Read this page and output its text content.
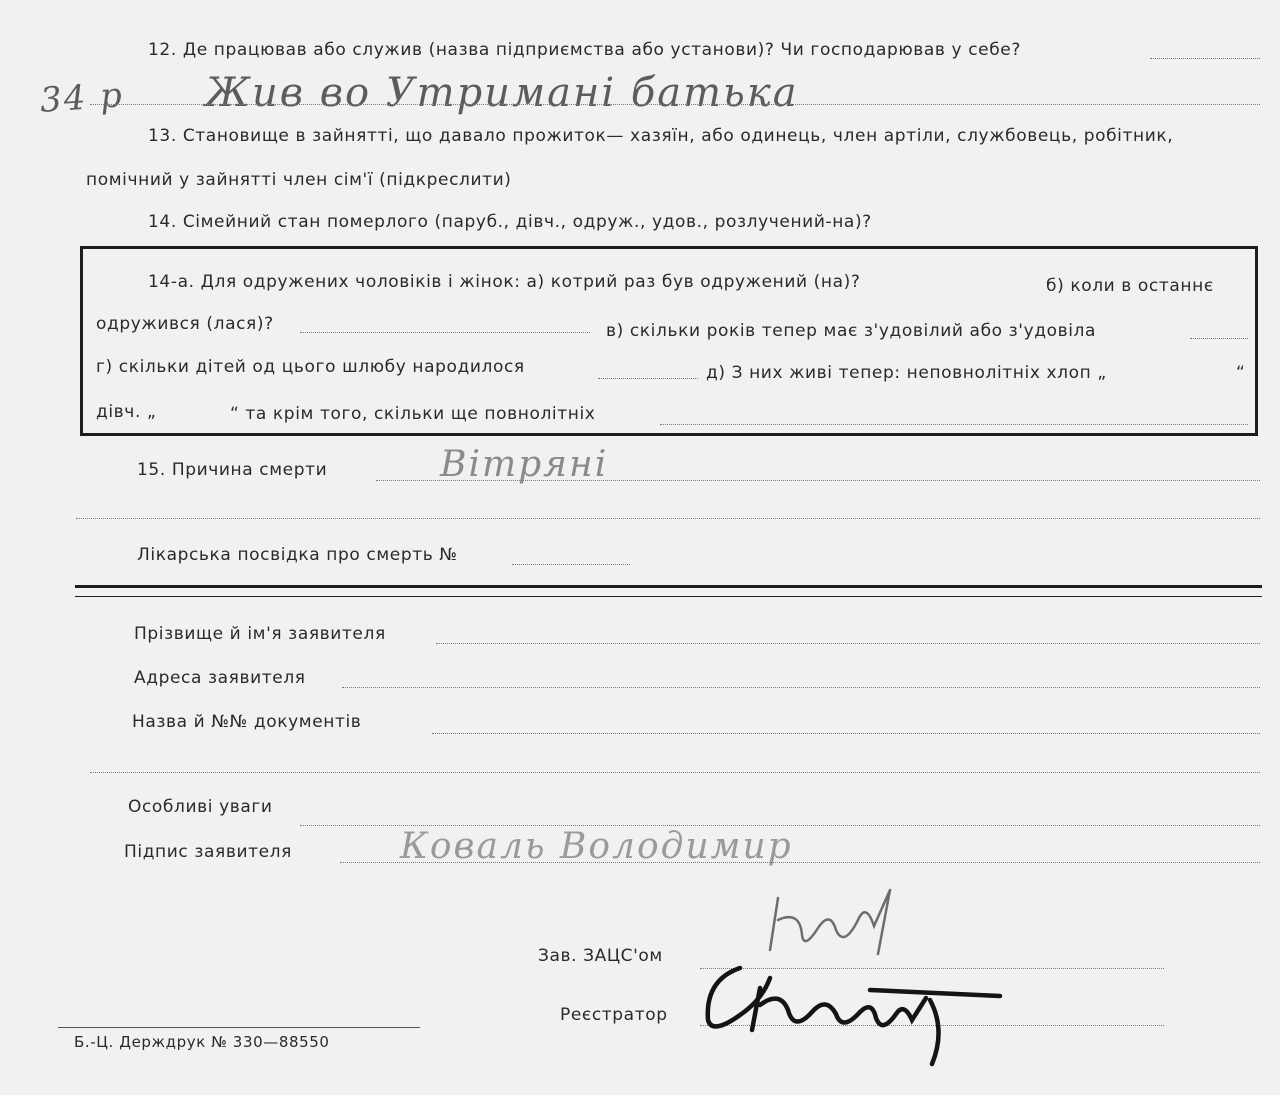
12. Де працював або служив (назва підприємства або установи)? Чи господарював у себе?
34 р Жив во Утримані батька
13. Становище в зайнятті, що давало прожиток— хазяїн, або одинець, член артіли, службовець, робітник,
помічний у зайнятті член сім'ї (підкреслити)
14. Сімейний стан померлого (паруб., дівч., одруж., удов., розлучений-на)?
14-а. Для одружених чоловіків і жінок: а) котрий раз був одружений (на)?	б) коли в останнє
одружився (лася)?	в) скільки років тепер має з'удовілий або з'удовіла
г) скільки дітей од цього шлюбу народилося	д) З них живі тепер: неповнолітніх хлоп „	“
дівч. „	“ та крім того, скільки ще повнолітніх
15. Причина смерти	Вітряні
Лікарська посвідка про смерть №
Прізвище й ім'я заявителя
Адреса заявителя
Назва й №№ документів
Особливі уваги
Підпис заявителя	Коваль Володимир
Зав. ЗАЦС'ом
Реєстратор
Б.-Ц. Держдрук № 330—88550
